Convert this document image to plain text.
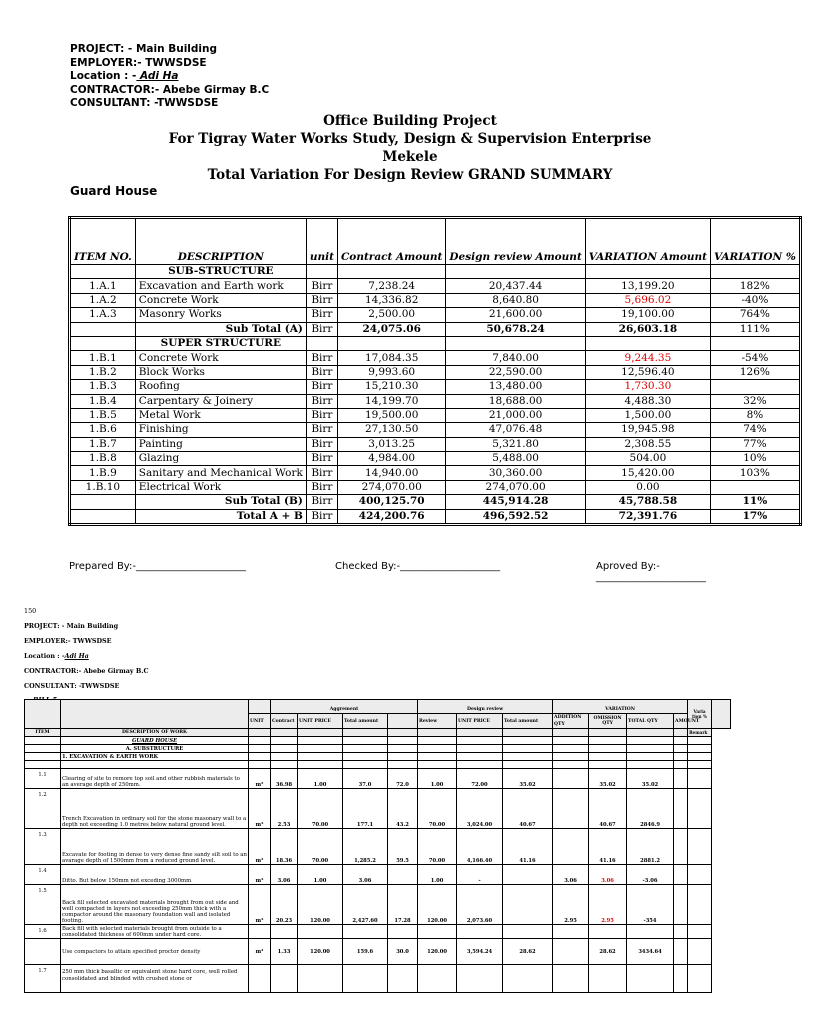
PROJECT: - Main Building
EMPLOYER:- TWWSDSE
Location : - Adi Ha
CONTRACTOR:- Abebe Girmay B.C
CONSULTANT: -TWWSDSE
Office Building Project
For Tigray Water Works Study, Design & Supervision Enterprise
Mekele
Total Variation For Design Review GRAND SUMMARY
Guard House
ITEM NO.	DESCRIPTION	unit	Contract Amount	Design review Amount	VARIATION Amount	VARIATION %
	SUB-STRUCTURE					
1.A.1	Excavation and Earth work	Birr	7,238.24	20,437.44	13,199.20	182%
1.A.2	Concrete Work	Birr	14,336.82	8,640.80	5,696.02	-40%
1.A.3	Masonry Works	Birr	2,500.00	21,600.00	19,100.00	764%
	Sub Total (A)	Birr	24,075.06	50,678.24	26,603.18	111%
	SUPER STRUCTURE					
1.B.1	Concrete Work	Birr	17,084.35	7,840.00	9,244.35	-54%
1.B.2	Block Works	Birr	9,993.60	22,590.00	12,596.40	126%
1.B.3	Roofing	Birr	15,210.30	13,480.00	1,730.30	
1.B.4	Carpentary & Joinery	Birr	14,199.70	18,688.00	4,488.30	32%
1.B.5	Metal Work	Birr	19,500.00	21,000.00	1,500.00	8%
1.B.6	Finishing	Birr	27,130.50	47,076.48	19,945.98	74%
1.B.7	Painting	Birr	3,013.25	5,321.80	2,308.55	77%
1.B.8	Glazing	Birr	4,984.00	5,488.00	504.00	10%
1.B.9	Sanitary and Mechanical Work	Birr	14,940.00	30,360.00	15,420.00	103%
1.B.10	Electrical Work	Birr	274,070.00	274,070.00	0.00	
	Sub Total (B)	Birr	400,125.70	445,914.28	45,788.58	11%
	Total A + B	Birr	424,200.76	496,592.52	72,391.76	17%
Prepared By:-______________________	Checked By:-____________________	Aproved By:-______________________
150
PROJECT: - Main Building
EMPLOYER:- TWWSDSE
Location : -Adi Ha
CONTRACTOR:- Abebe Girmay B.C
CONSULTANT: -TWWSDSE
			Aggrement				Design review			VARIATION				Varia tion %	

		UNIT	Contract	UNIT PRICE	Total amount		Review	UNIT PRICE	Total amount	ADDITION QTY	OMISSION QTY	TOTAL QTY	AMOUNT		

ITEM	DESCRIPTION OF WORK													Remark	
	GUARD HOUSE														
	A. SUBSTRUCTURE														
	1. EXCAVATION & EARTH WORK														

1.1	Clearing of site to remore top soil and other rubbish materials to an average depth of 250mm.	m²	36.98	1.00	37.0	72.0	1.00	72.00	35.02		35.02	35.02			
1.2	Trench Excavation in ordinary soil for the stone masonary wall to a depth not exceeding 1.0 metres below natural ground level.	m³	2.53	70.00	177.1	43.2	70.00	3,024.00	40.67		40.67	2846.9			
1.3	Excavate for footing in dense to very dense fine sandy silt soil to an avarage depth of 1500mm from a reduced ground level.	m³	18.36	70.00	1,285.2	59.5	70.00	4,166.40	41.16		41.16	2881.2			
1.4	Ditto. But below 150mm not exceding 3000mm	m³	3.06	1.00	3.06		1.00	-		3.06	3.06	-3.06			
1.5	Back fill selected excavated materials brought from out side and well compacted in layers not exceeding 250mm thick with a compactor around the masonary foundation wall and isolated footing.	m³	20.23	120.00	2,427.60	17.28	120.00	2,073.60		2.95	2.95	-354			
1.6	Back fill with selected materials brought from outside to a consolidated thickness of 600mm under hard core.														
	Use compactors to attain specified proctor density	m³	1.33	120.00	159.6	30.0	120.00	3,594.24	28.62		28.62	3434.64			
1.7	250 mm thick basaltic or equivalent stone hard core, well rolled consolidated and blinded with crushed stone or														
